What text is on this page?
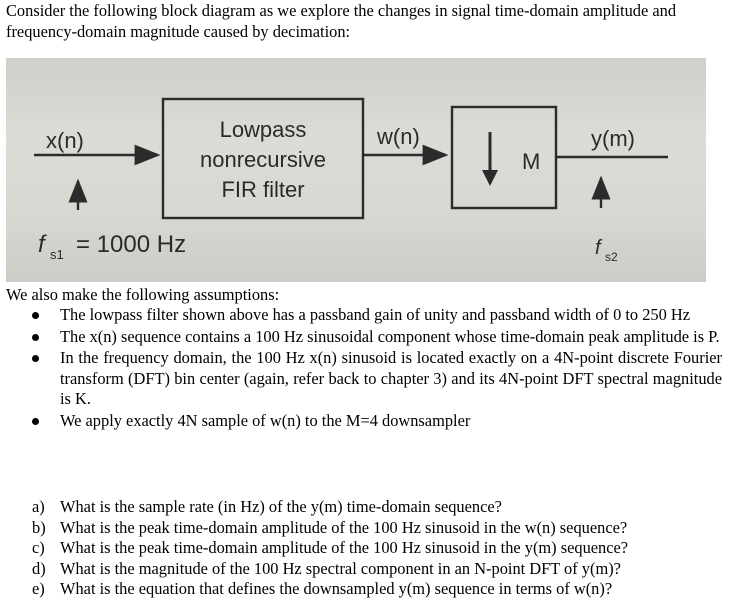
Consider the following block diagram as we explore the changes in signal time-domain amplitude and frequency-domain magnitude caused by decimation:
x(n)	Lowpass
nonrecursive
FIR filter
w(n)
M
y(m)
f s1 = 1000 Hz	f s2
We also make the following assumptions:
The lowpass filter shown above has a passband gain of unity and passband width of 0 to 250 Hz
The x(n) sequence contains a 100 Hz sinusoidal component whose time-domain peak amplitude is P.
In the frequency domain, the 100 Hz x(n) sinusoid is located exactly on a 4N-point discrete Fourier transform (DFT) bin center (again, refer back to chapter 3) and its 4N-point DFT spectral magnitude is K.
We apply exactly 4N sample of w(n) to the M=4 downsampler
a) What is the sample rate (in Hz) of the y(m) time-domain sequence?
b) What is the peak time-domain amplitude of the 100 Hz sinusoid in the w(n) sequence?
c) What is the peak time-domain amplitude of the 100 Hz sinusoid in the y(m) sequence?
d) What is the magnitude of the 100 Hz spectral component in an N-point DFT of y(m)?
e) What is the equation that defines the downsampled y(m) sequence in terms of w(n)?
